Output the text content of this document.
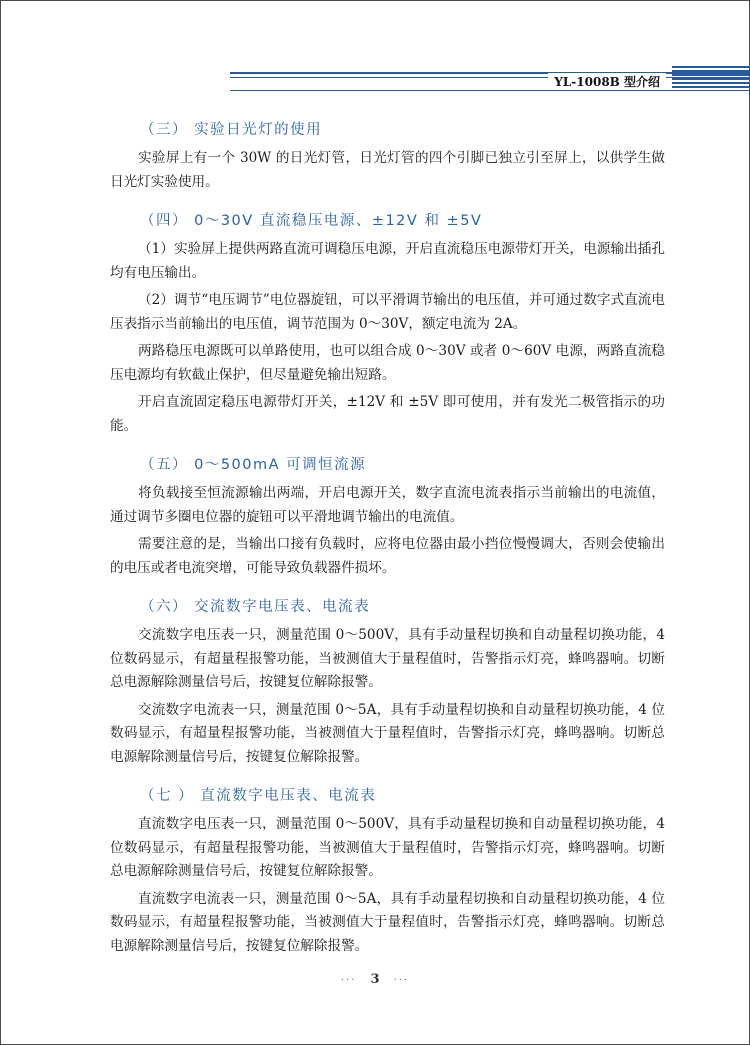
YL-1008B 型介绍
（三） 实验日光灯的使用

实验屏上有一个 30W 的日光灯管，日光灯管的四个引脚已独立引至屏上，以供学生做日光灯实验使用。

（四） 0～30V 直流稳压电源、±12V 和 ±5V

（1）实验屏上提供两路直流可调稳压电源，开启直流稳压电源带灯开关，电源输出插孔均有电压输出。

（2）调节“电压调节”电位器旋钮，可以平滑调节输出的电压值，并可通过数字式直流电压表指示当前输出的电压值，调节范围为 0～30V，额定电流为 2A。

两路稳压电源既可以单路使用，也可以组合成 0～30V 或者 0～60V 电源，两路直流稳压电源均有软截止保护，但尽量避免输出短路。

开启直流固定稳压电源带灯开关，±12V 和 ±5V 即可使用，并有发光二极管指示的功能。

（五） 0～500mA 可调恒流源

将负载接至恒流源输出两端，开启电源开关，数字直流电流表指示当前输出的电流值，通过调节多圈电位器的旋钮可以平滑地调节输出的电流值。

需要注意的是，当输出口接有负载时，应将电位器由最小挡位慢慢调大，否则会使输出的电压或者电流突增，可能导致负载器件损坏。

（六） 交流数字电压表、电流表

交流数字电压表一只，测量范围 0～500V，具有手动量程切换和自动量程切换功能，4 位数码显示，有超量程报警功能，当被测值大于量程值时，告警指示灯亮，蜂鸣器响。切断总电源解除测量信号后，按键复位解除报警。

交流数字电流表一只，测量范围 0～5A，具有手动量程切换和自动量程切换功能，4 位数码显示，有超量程报警功能，当被测值大于量程值时，告警指示灯亮，蜂鸣器响。切断总电源解除测量信号后，按键复位解除报警。

（七 ） 直流数字电压表、电流表

直流数字电压表一只，测量范围 0～500V，具有手动量程切换和自动量程切换功能，4 位数码显示，有超量程报警功能，当被测值大于量程值时，告警指示灯亮，蜂鸣器响。切断总电源解除测量信号后，按键复位解除报警。

直流数字电流表一只，测量范围 0～5A，具有手动量程切换和自动量程切换功能，4 位数码显示，有超量程报警功能，当被测值大于量程值时，告警指示灯亮，蜂鸣器响。切断总电源解除测量信号后，按键复位解除报警。

··· 3 ···
